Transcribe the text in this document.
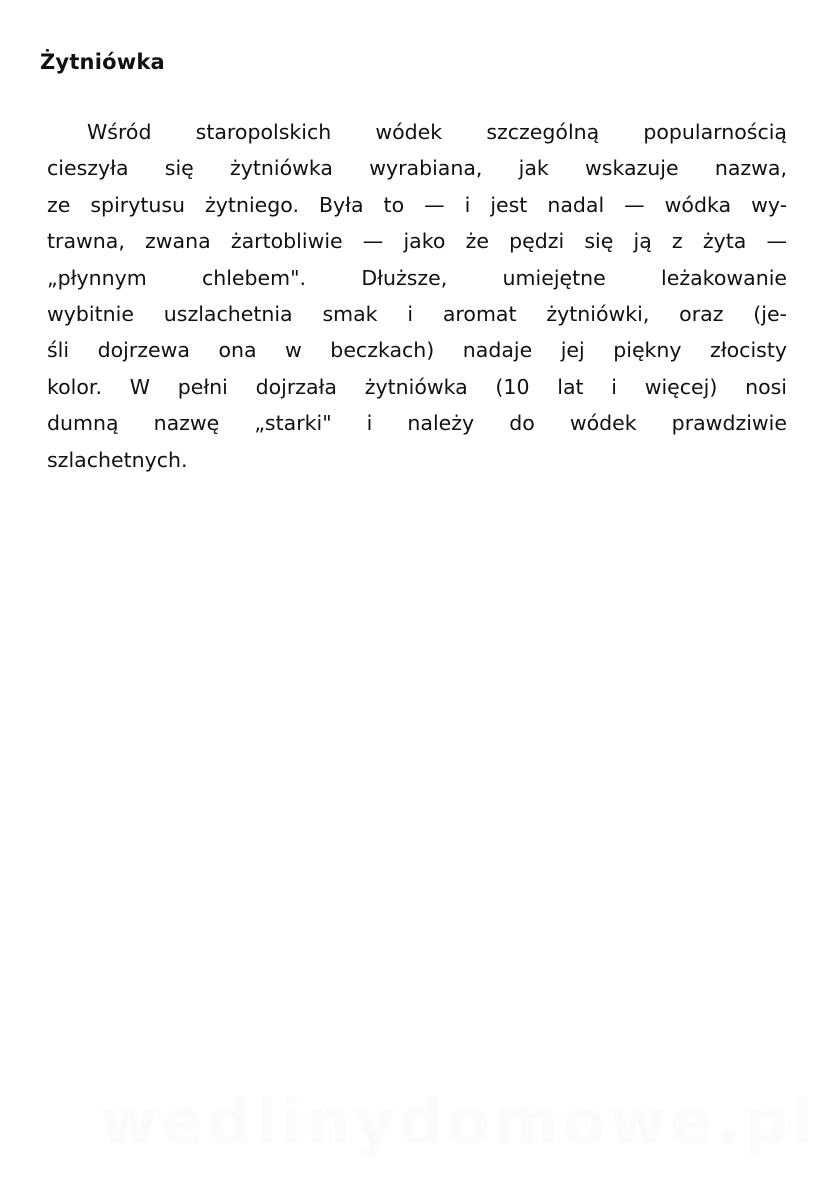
Żytniówka
Wśród staropolskich wódek szczególną popularnością
cieszyła się żytniówka wyrabiana, jak wskazuje nazwa,
ze spirytusu żytniego. Była to — i jest nadal — wódka wy-
trawna, zwana żartobliwie — jako że pędzi się ją z żyta —
„płynnym chlebem". Dłuższe, umiejętne leżakowanie
wybitnie uszlachetnia smak i aromat żytniówki, oraz (je-
śli dojrzewa ona w beczkach) nadaje jej piękny złocisty
kolor. W pełni dojrzała żytniówka (10 lat i więcej) nosi
dumną nazwę „starki" i należy do wódek prawdziwie
szlachetnych.
wedlinydomowe.pl
